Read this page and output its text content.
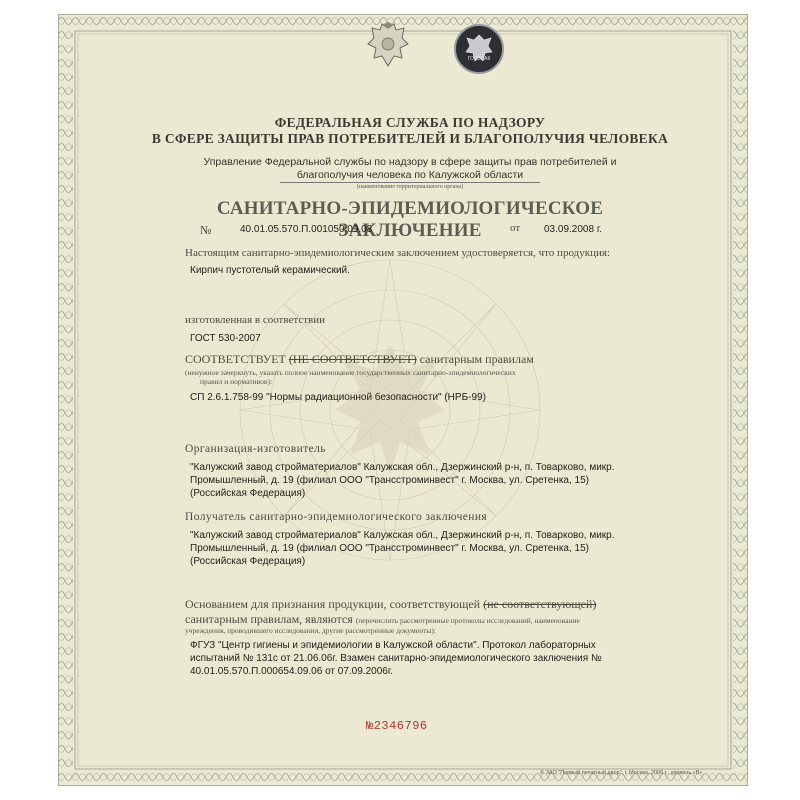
ГОСЗНАК
ФЕДЕРАЛЬНАЯ СЛУЖБА ПО НАДЗОРУ
В СФЕРЕ ЗАЩИТЫ ПРАВ ПОТРЕБИТЕЛЕЙ И БЛАГОПОЛУЧИЯ ЧЕЛОВЕКА
Управление Федеральной службы по надзору в сфере защиты прав потребителей и
благополучия человека по Калужской области
(наименование территориального органа)
САНИТАРНО-ЭПИДЕМИОЛОГИЧЕСКОЕ ЗАКЛЮЧЕНИЕ
№	40.01.05.570.П.001050.09.08	от 03.09.2008 г.
Настоящим санитарно-эпидемиологическим заключением удостоверяется, что продукция:
Кирпич пустотелый керамический.
изготовленная в соответствии
ГОСТ 530-2007
СООТВЕТСТВУЕТ (НЕ СООТВЕТСТВУЕТ) санитарным правилам
(ненужное зачеркнуть, указать полное наименование государственных санитарно-эпидемиологических
правил и нормативов):
СП 2.6.1.758-99 "Нормы радиационной безопасности" (НРБ-99)
Организация-изготовитель
"Калужский завод стройматериалов" Калужская обл., Дзержинский р-н, п. Товарково, микр.
Промышленный, д. 19 (филиал ООО "Трансстроминвест" г. Москва, ул. Сретенка, 15)
(Российская Федерация)
Получатель санитарно-эпидемиологического заключения
"Калужский завод стройматериалов" Калужская обл., Дзержинский р-н, п. Товарково, микр.
Промышленный, д. 19 (филиал ООО "Трансстроминвест" г. Москва, ул. Сретенка, 15)
(Российская Федерация)
Основанием для признания продукции, соответствующей (не соответствующей)
санитарным правилам, являются (перечислить рассмотренные протоколы исследований, наименование
учреждения, проводившего исследования, другие рассмотренные документы):
ФГУЗ "Центр гигиены и эпидемиологии в Калужской области". Протокол лабораторных
испытаний № 131с от 21.06.06г. Взамен санитарно-эпидемиологического заключения №
40.01.05.570.П.000654.09.06 от 07.09.2006г.
№2346796
© ЗАО "Первый печатный двор", г. Москва, 2006 г., уровень «В»
